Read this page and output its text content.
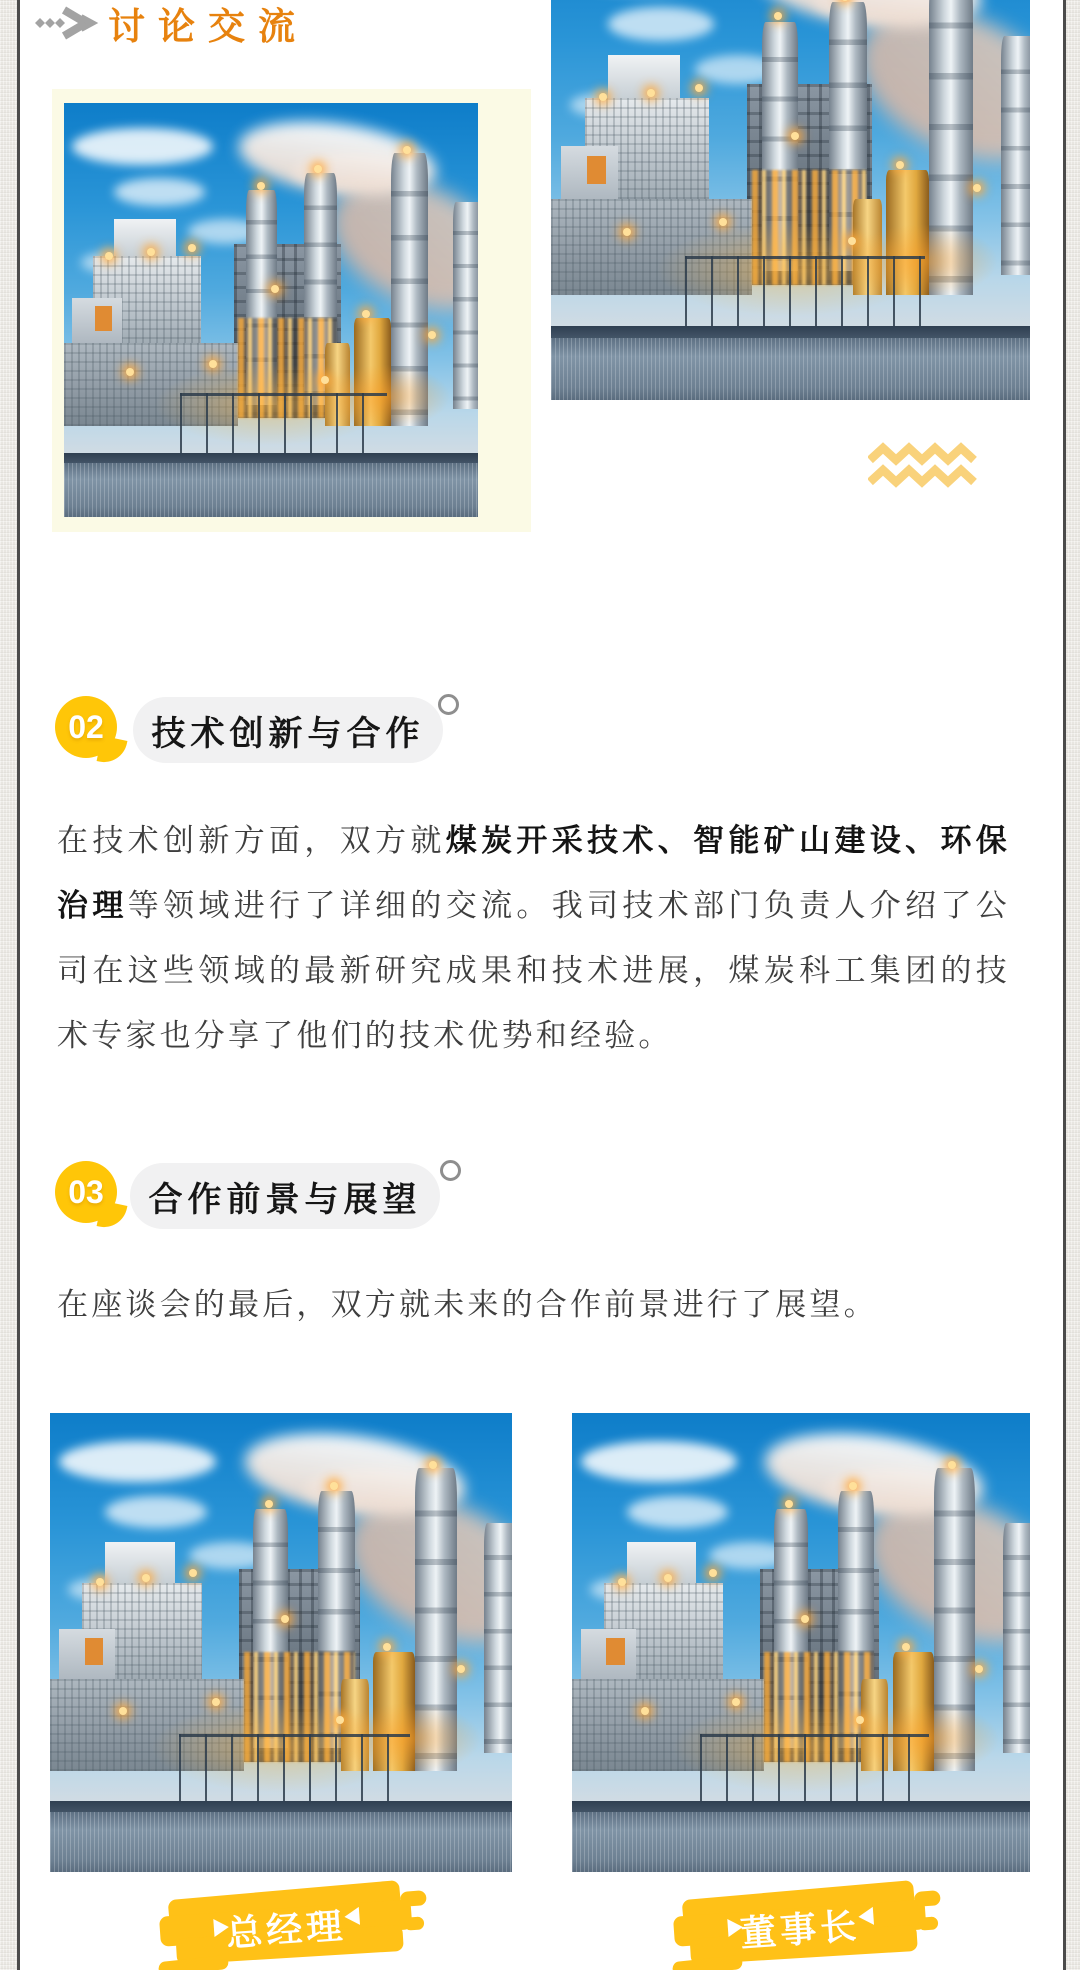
讨论交流
02	技术创新与合作
在技术创新方面，双方就煤炭开采技术、智能矿山建设、环保治理等领域进行了详细的交流。我司技术部门负责人介绍了公司在这些领域的最新研究成果和技术进展，煤炭科工集团的技术专家也分享了他们的技术优势和经验。
03	合作前景与展望
在座谈会的最后，双方就未来的合作前景进行了展望。
总经理	董事长
